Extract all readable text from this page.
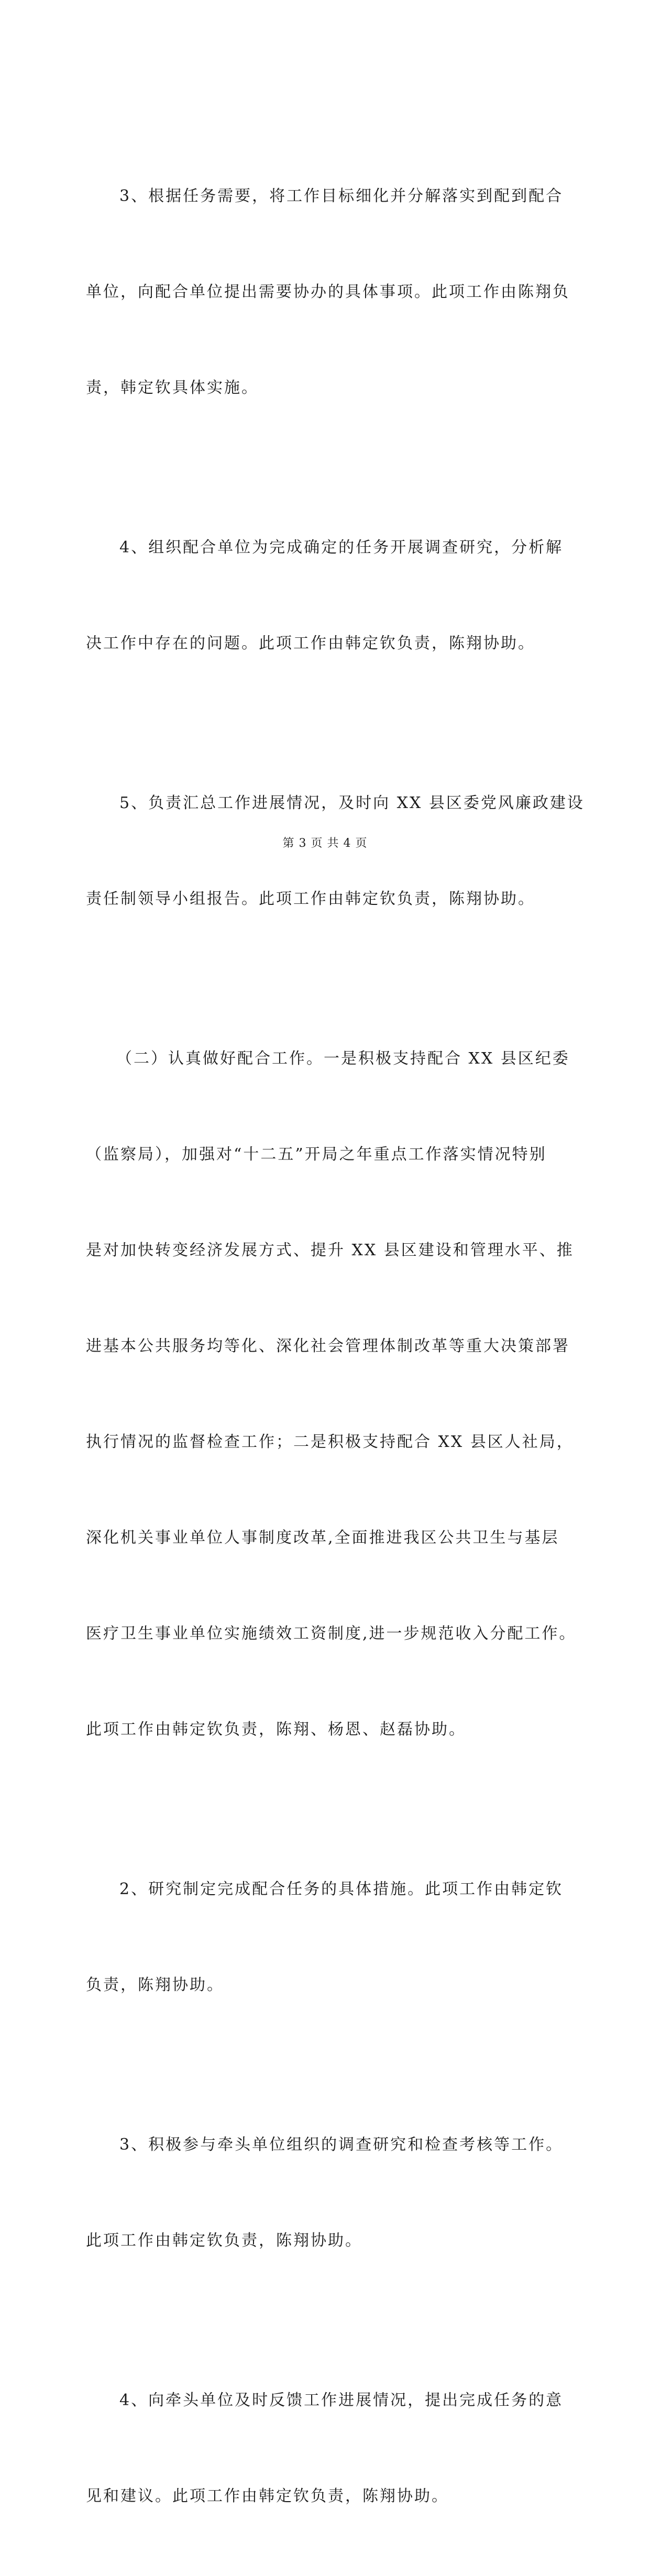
3、根据任务需要，将工作目标细化并分解落实到配到配合

单位，向配合单位提出需要协办的具体事项。此项工作由陈翔负

责，韩定钦具体实施。

4、组织配合单位为完成确定的任务开展调查研究，分析解

决工作中存在的问题。此项工作由韩定钦负责，陈翔协助。

5、负责汇总工作进展情况，及时向 XX 县区委党风廉政建设

责任制领导小组报告。此项工作由韩定钦负责，陈翔协助。

（二）认真做好配合工作。一是积极支持配合 XX 县区纪委

（监察局），加强对“十二五”开局之年重点工作落实情况特别

是对加快转变经济发展方式、提升 XX 县区建设和管理水平、推

进基本公共服务均等化、深化社会管理体制改革等重大决策部署

执行情况的监督检查工作；二是积极支持配合 XX 县区人社局，

深化机关事业单位人事制度改革,全面推进我区公共卫生与基层

医疗卫生事业单位实施绩效工资制度,进一步规范收入分配工作。

此项工作由韩定钦负责，陈翔、杨恩、赵磊协助。

2、研究制定完成配合任务的具体措施。此项工作由韩定钦

负责，陈翔协助。

3、积极参与牵头单位组织的调查研究和检查考核等工作。

此项工作由韩定钦负责，陈翔协助。

4、向牵头单位及时反馈工作进展情况，提出完成任务的意

见和建议。此项工作由韩定钦负责，陈翔协助。

第 3 页 共 4 页
